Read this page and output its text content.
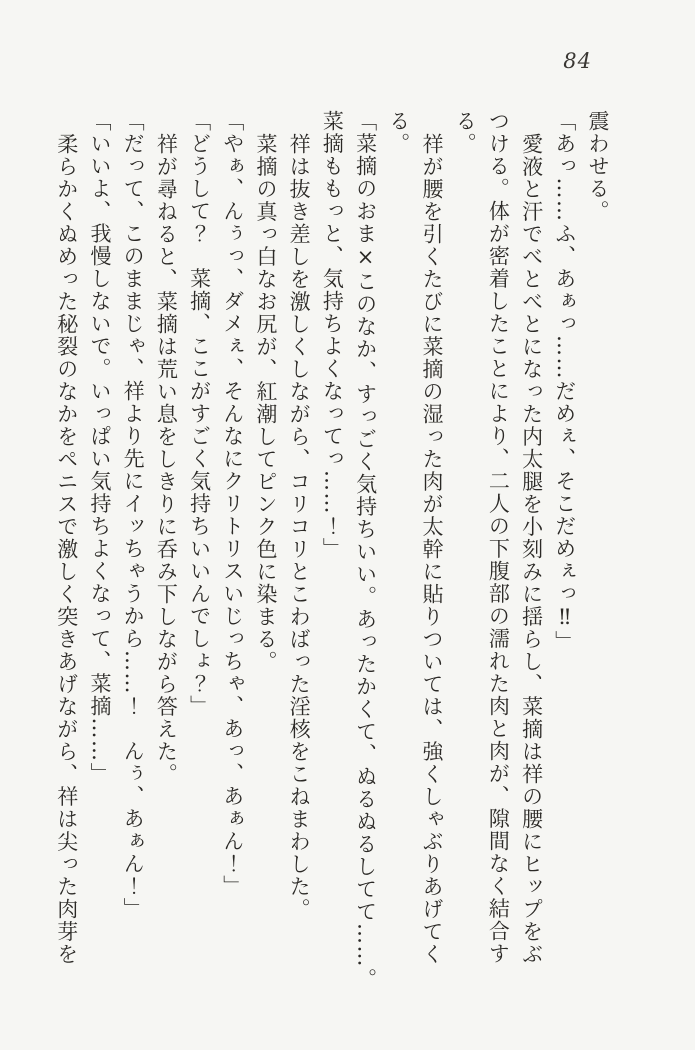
84
震わせる。
「あっ……ふ、あぁっ……だめぇ、そこだめぇっ‼」
愛液と汗でべとべとになった内太腿を小刻みに揺らし、菜摘は祥の腰にヒップをぶ
つける。体が密着したことにより、二人の下腹部の濡れた肉と肉が、隙間なく結合す
る。
祥が腰を引くたびに菜摘の湿った肉が太幹に貼りついては、強くしゃぶりあげてく
る。
「菜摘のおま×このなか、すっごく気持ちいい。あったかくて、ぬるぬるしてて……。
菜摘ももっと、気持ちよくなってっ……！」
祥は抜き差しを激しくしながら、コリコリとこわばった淫核をこねまわした。
菜摘の真っ白なお尻が、紅潮してピンク色に染まる。
「やぁ、んぅっ、ダメぇ、そんなにクリトリスいじっちゃ、あっ、あぁん！」
「どうして？　菜摘、ここがすごく気持ちいいんでしょ？」
祥が尋ねると、菜摘は荒い息をしきりに呑み下しながら答えた。
「だって、このままじゃ、祥より先にイッちゃうから……！　んぅ、あぁん！」
「いいよ、我慢しないで。いっぱい気持ちよくなって、菜摘……」
柔らかくぬめった秘裂のなかをペニスで激しく突きあげながら、祥は尖った肉芽を
